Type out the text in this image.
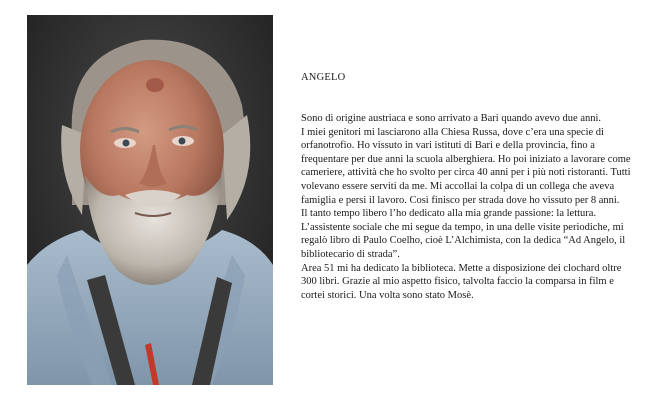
ANGELO

Sono di origine austriaca e sono arrivato a Bari quando avevo due anni.

I miei genitori mi lasciarono alla Chiesa Russa, dove c’era una specie di orfanotrofio. Ho vissuto in vari istituti di Bari e della provincia, fino a frequentare per due anni la scuola alberghiera. Ho poi iniziato a lavorare come cameriere, attività che ho svolto per circa 40 anni per i più noti ristoranti. Tutti volevano essere serviti da me. Mi accollai la colpa di un collega che aveva famiglia e persi il lavoro. Così finisco per strada dove ho vissuto per 8 anni.

Il tanto tempo libero l’ho dedicato alla mia grande passione: la lettura. L’assistente sociale che mi segue da tempo, in una delle visite periodiche, mi regalò libro di Paulo Coelho, cioè L’Alchimista, con la dedica “Ad Angelo, il bibliotecario di strada”.

Area 51 mi ha dedicato la biblioteca. Mette a disposizione dei clochard oltre 300 libri. Grazie al mio aspetto fisico, talvolta faccio la comparsa in film e cortei storici. Una volta sono stato Mosè.
